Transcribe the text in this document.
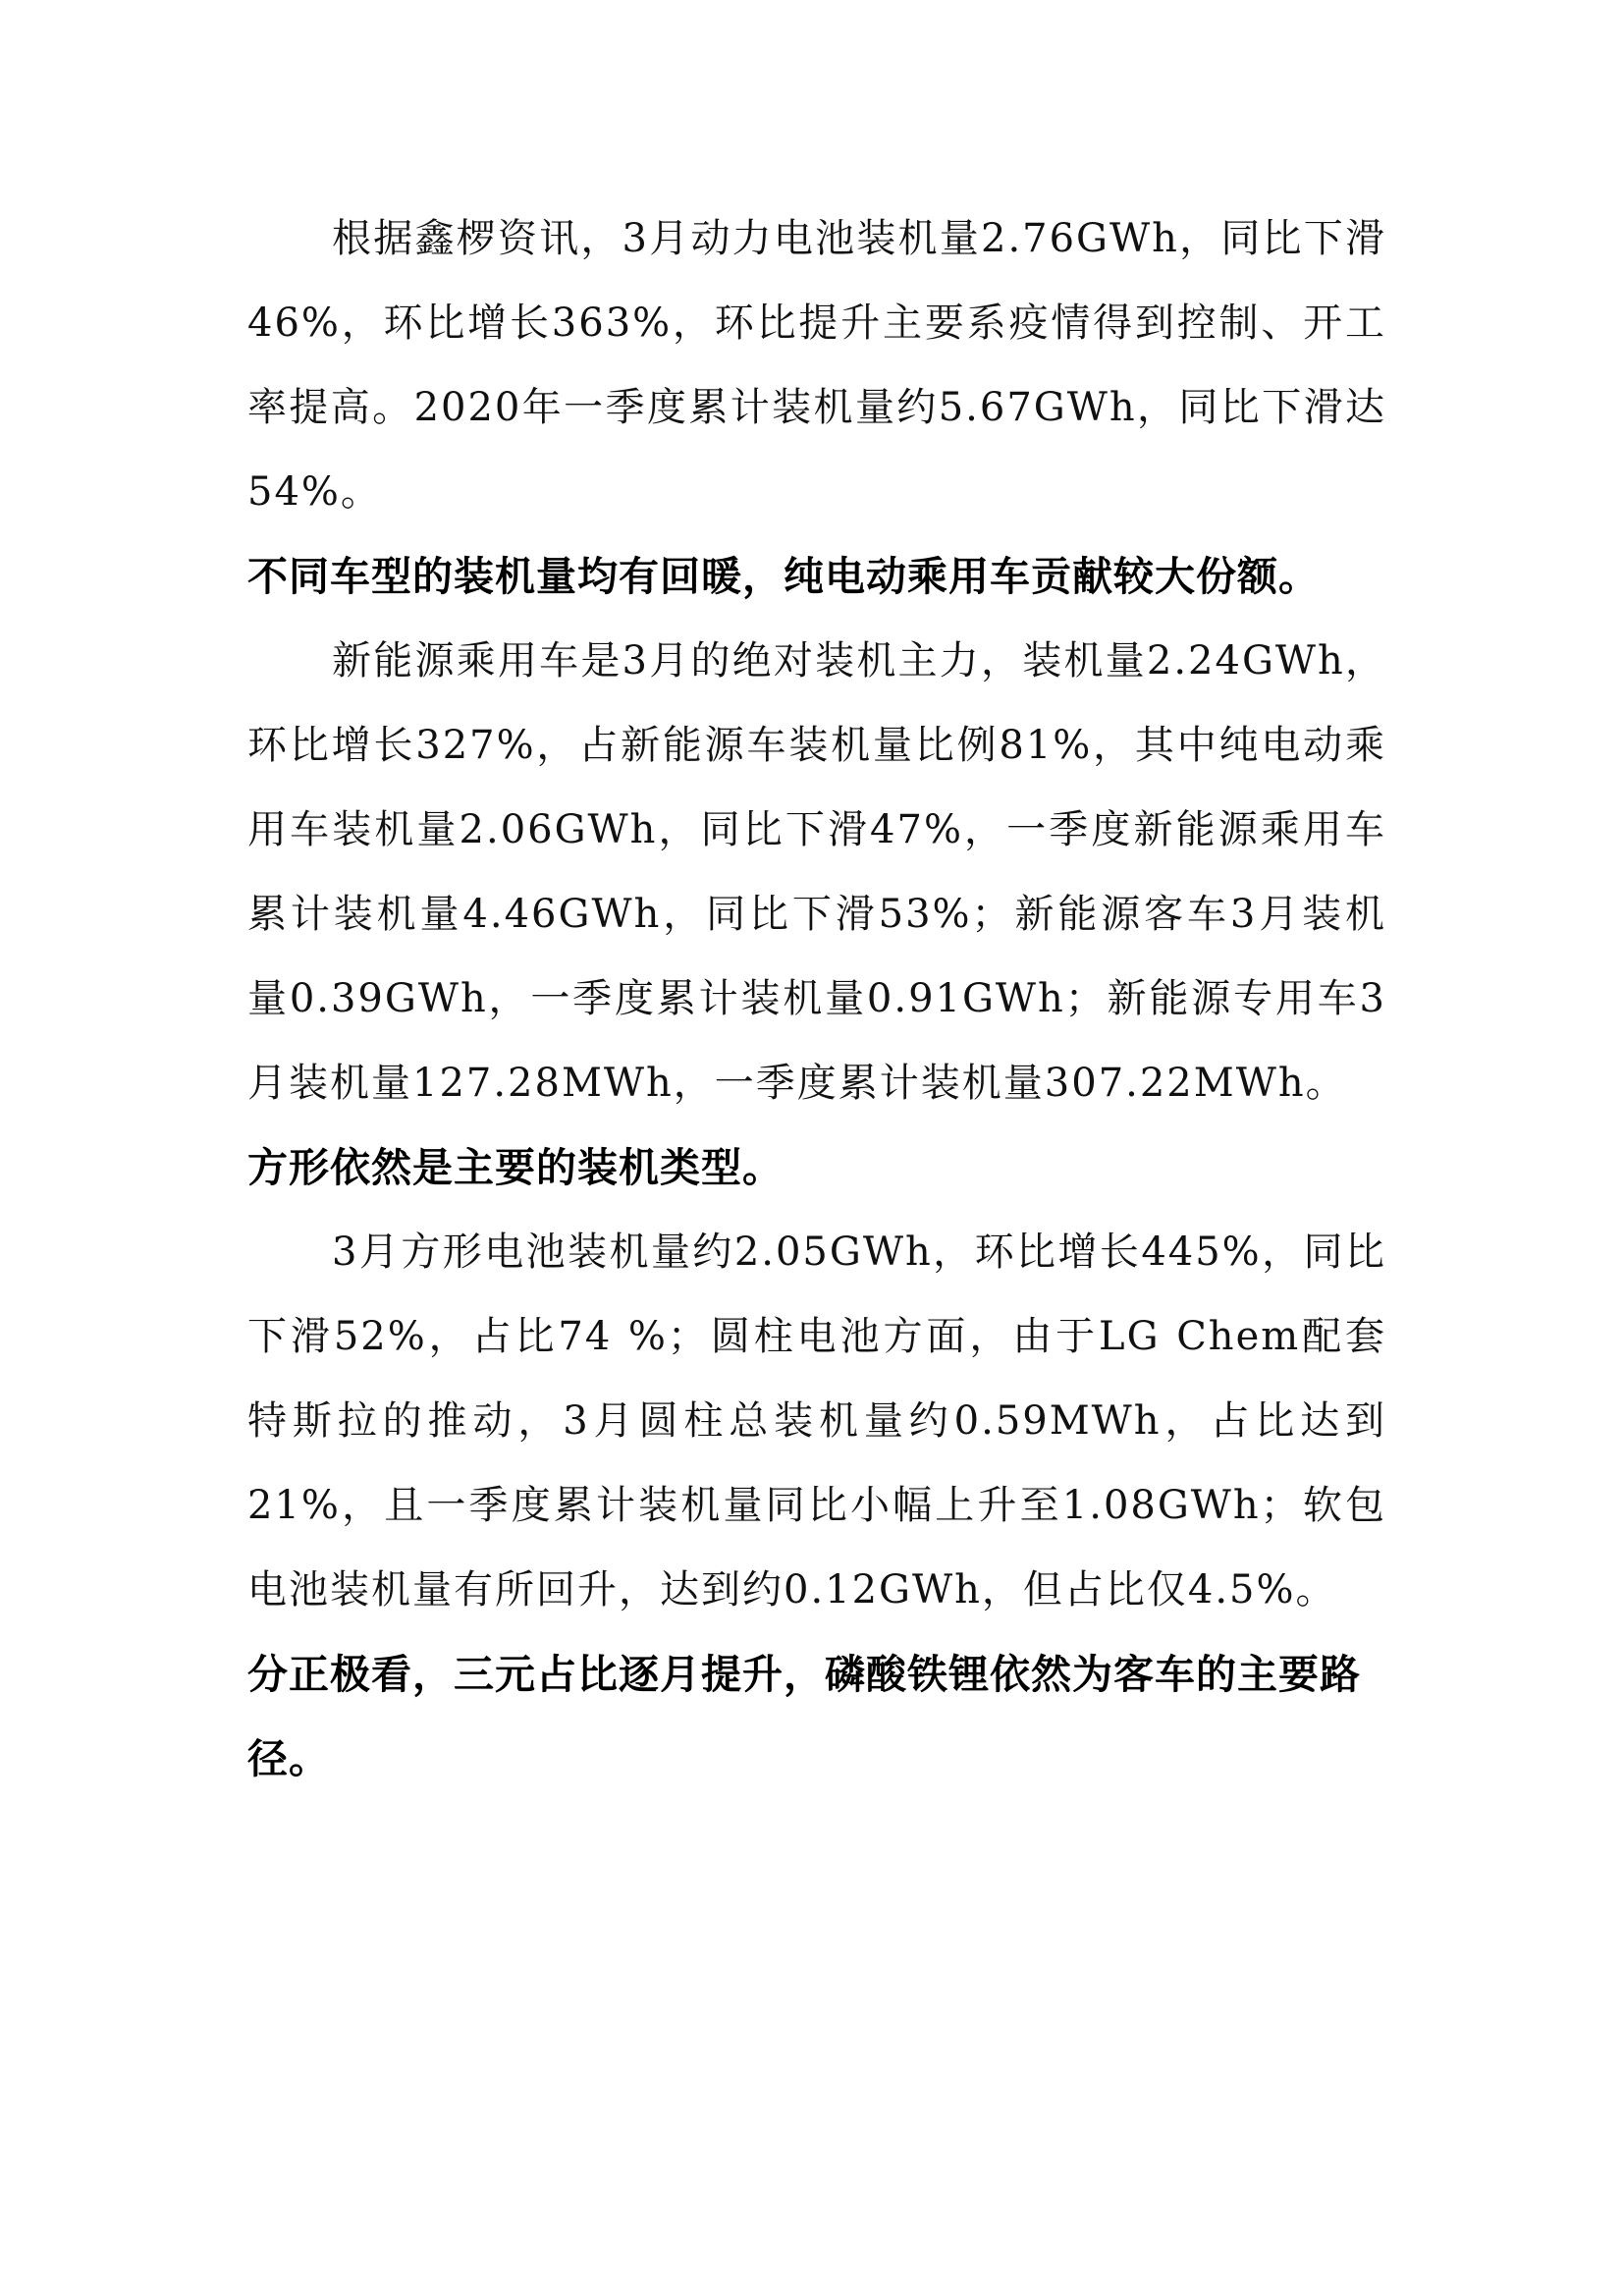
根据鑫椤资讯，3月动力电池装机量2.76GWh，同比下滑46%，环比增长363%，环比提升主要系疫情得到控制、开工率提高。2020年一季度累计装机量约5.67GWh，同比下滑达54%。

不同车型的装机量均有回暖，纯电动乘用车贡献较大份额。

新能源乘用车是3月的绝对装机主力，装机量2.24GWh，环比增长327%，占新能源车装机量比例81%，其中纯电动乘用车装机量2.06GWh，同比下滑47%，一季度新能源乘用车累计装机量4.46GWh，同比下滑53%；新能源客车3月装机量0.39GWh，一季度累计装机量0.91GWh；新能源专用车3月装机量127.28MWh，一季度累计装机量307.22MWh。

方形依然是主要的装机类型。

3月方形电池装机量约2.05GWh，环比增长445%，同比下滑52%，占比74 %；圆柱电池方面，由于LG Chem配套特斯拉的推动，3月圆柱总装机量约0.59MWh，占比达到21%，且一季度累计装机量同比小幅上升至1.08GWh；软包电池装机量有所回升，达到约0.12GWh，但占比仅4.5%。

分正极看，三元占比逐月提升，磷酸铁锂依然为客车的主要路径。
